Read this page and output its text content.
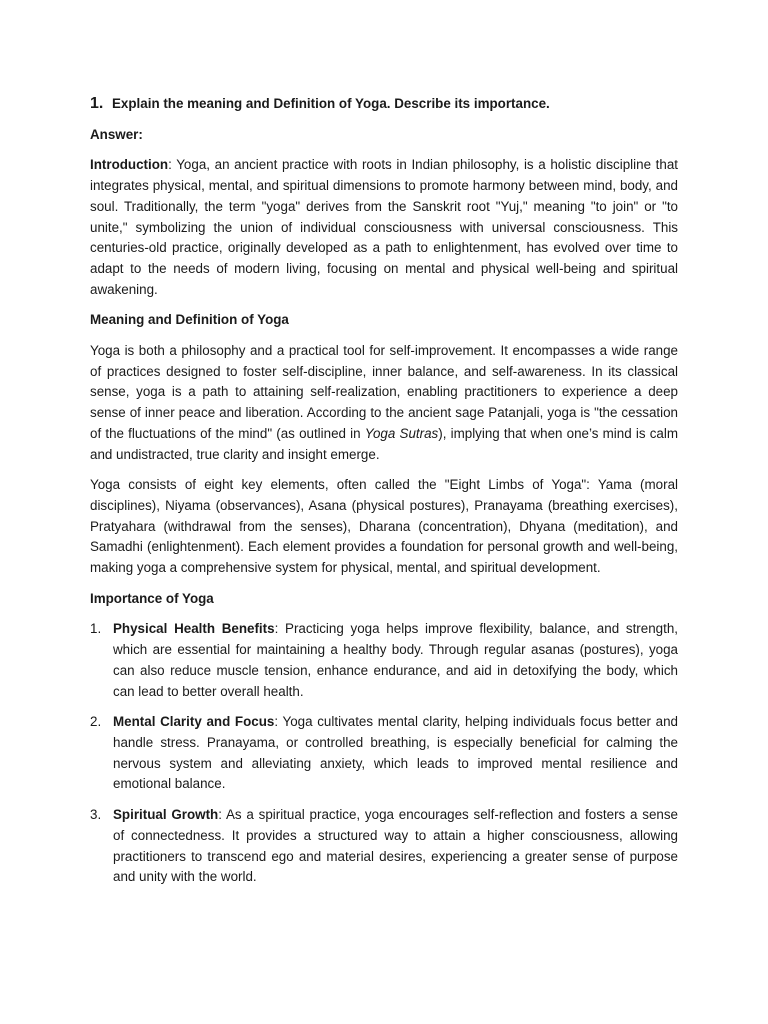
1. Explain the meaning and Definition of Yoga. Describe its importance.
Answer:

Introduction: Yoga, an ancient practice with roots in Indian philosophy, is a holistic discipline that integrates physical, mental, and spiritual dimensions to promote harmony between mind, body, and soul. Traditionally, the term "yoga" derives from the Sanskrit root "Yuj," meaning "to join" or "to unite," symbolizing the union of individual consciousness with universal consciousness. This centuries-old practice, originally developed as a path to enlightenment, has evolved over time to adapt to the needs of modern living, focusing on mental and physical well-being and spiritual awakening.

Meaning and Definition of Yoga

Yoga is both a philosophy and a practical tool for self-improvement. It encompasses a wide range of practices designed to foster self-discipline, inner balance, and self-awareness. In its classical sense, yoga is a path to attaining self-realization, enabling practitioners to experience a deep sense of inner peace and liberation. According to the ancient sage Patanjali, yoga is "the cessation of the fluctuations of the mind" (as outlined in Yoga Sutras), implying that when one’s mind is calm and undistracted, true clarity and insight emerge.

Yoga consists of eight key elements, often called the "Eight Limbs of Yoga": Yama (moral disciplines), Niyama (observances), Asana (physical postures), Pranayama (breathing exercises), Pratyahara (withdrawal from the senses), Dharana (concentration), Dhyana (meditation), and Samadhi (enlightenment). Each element provides a foundation for personal growth and well-being, making yoga a comprehensive system for physical, mental, and spiritual development.

Importance of Yoga
1. Physical Health Benefits: Practicing yoga helps improve flexibility, balance, and strength, which are essential for maintaining a healthy body. Through regular asanas (postures), yoga can also reduce muscle tension, enhance endurance, and aid in detoxifying the body, which can lead to better overall health.
2. Mental Clarity and Focus: Yoga cultivates mental clarity, helping individuals focus better and handle stress. Pranayama, or controlled breathing, is especially beneficial for calming the nervous system and alleviating anxiety, which leads to improved mental resilience and emotional balance.
3. Spiritual Growth: As a spiritual practice, yoga encourages self-reflection and fosters a sense of connectedness. It provides a structured way to attain a higher consciousness, allowing practitioners to transcend ego and material desires, experiencing a greater sense of purpose and unity with the world.
